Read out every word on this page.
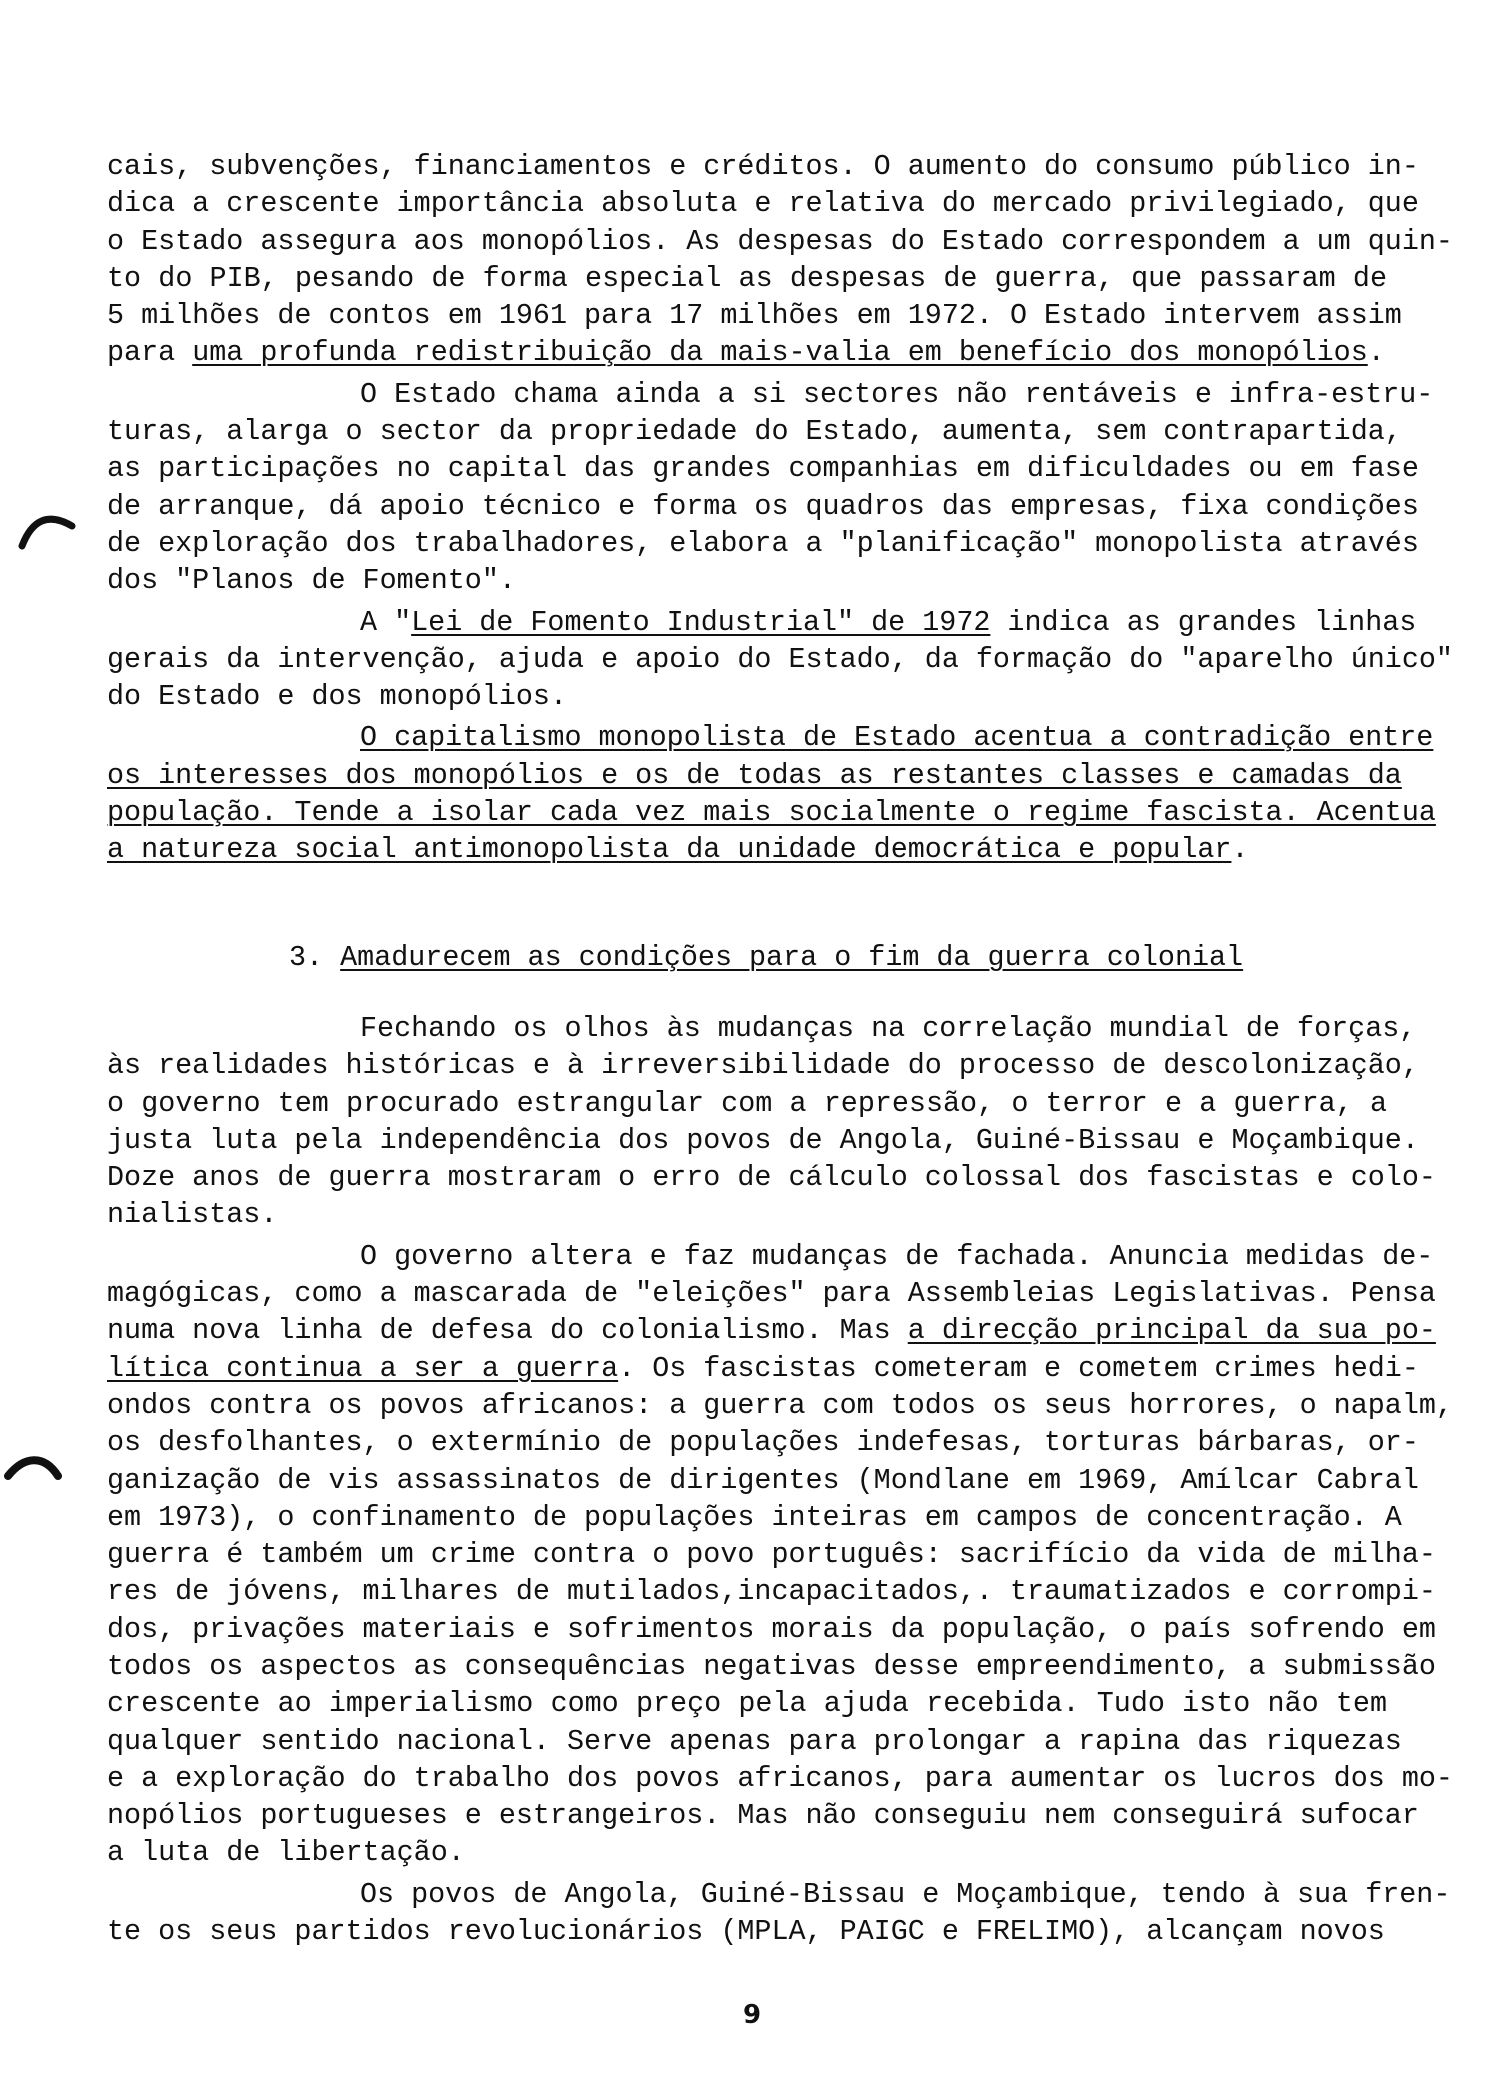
cais, subvenções, financiamentos e créditos. O aumento do consumo público in-
dica a crescente importância absoluta e relativa do mercado privilegiado, que
o Estado assegura aos monopólios. As despesas do Estado correspondem a um quin-
to do PIB, pesando de forma especial as despesas de guerra, que passaram de
5 milhões de contos em 1961 para 17 milhões em 1972. O Estado intervem assim
para uma profunda redistribuição da mais-valia em benefício dos monopólios.
O Estado chama ainda a si sectores não rentáveis e infra-estru-
turas, alarga o sector da propriedade do Estado, aumenta, sem contrapartida,
as participações no capital das grandes companhias em dificuldades ou em fase
de arranque, dá apoio técnico e forma os quadros das empresas, fixa condições
de exploração dos trabalhadores, elabora a "planificação" monopolista através
dos "Planos de Fomento".
A "Lei de Fomento Industrial" de 1972 indica as grandes linhas
gerais da intervenção, ajuda e apoio do Estado, da formação do "aparelho único"
do Estado e dos monopólios.
O capitalismo monopolista de Estado acentua a contradição entre
os interesses dos monopólios e os de todas as restantes classes e camadas da
população. Tende a isolar cada vez mais socialmente o regime fascista. Acentua
a natureza social antimonopolista da unidade democrática e popular.
3. Amadurecem as condições para o fim da guerra colonial
Fechando os olhos às mudanças na correlação mundial de forças,
às realidades históricas e à irreversibilidade do processo de descolonização,
o governo tem procurado estrangular com a repressão, o terror e a guerra, a
justa luta pela independência dos povos de Angola, Guiné-Bissau e Moçambique.
Doze anos de guerra mostraram o erro de cálculo colossal dos fascistas e colo-
nialistas.
O governo altera e faz mudanças de fachada. Anuncia medidas de-
magógicas, como a mascarada de "eleições" para Assembleias Legislativas. Pensa
numa nova linha de defesa do colonialismo. Mas a direcção principal da sua po-
lítica continua a ser a guerra. Os fascistas cometeram e cometem crimes hedi-
ondos contra os povos africanos: a guerra com todos os seus horrores, o napalm,
os desfolhantes, o extermínio de populações indefesas, torturas bárbaras, or-
ganização de vis assassinatos de dirigentes (Mondlane em 1969, Amílcar Cabral
em 1973), o confinamento de populações inteiras em campos de concentração. A
guerra é também um crime contra o povo português: sacrifício da vida de milha-
res de jóvens, milhares de mutilados,incapacitados,. traumatizados e corrompi-
dos, privações materiais e sofrimentos morais da população, o país sofrendo em
todos os aspectos as consequências negativas desse empreendimento, a submissão
crescente ao imperialismo como preço pela ajuda recebida. Tudo isto não tem
qualquer sentido nacional. Serve apenas para prolongar a rapina das riquezas
e a exploração do trabalho dos povos africanos, para aumentar os lucros dos mo-
nopólios portugueses e estrangeiros. Mas não conseguiu nem conseguirá sufocar
a luta de libertação.
Os povos de Angola, Guiné-Bissau e Moçambique, tendo à sua fren-
te os seus partidos revolucionários (MPLA, PAIGC e FRELIMO), alcançam novos
9
